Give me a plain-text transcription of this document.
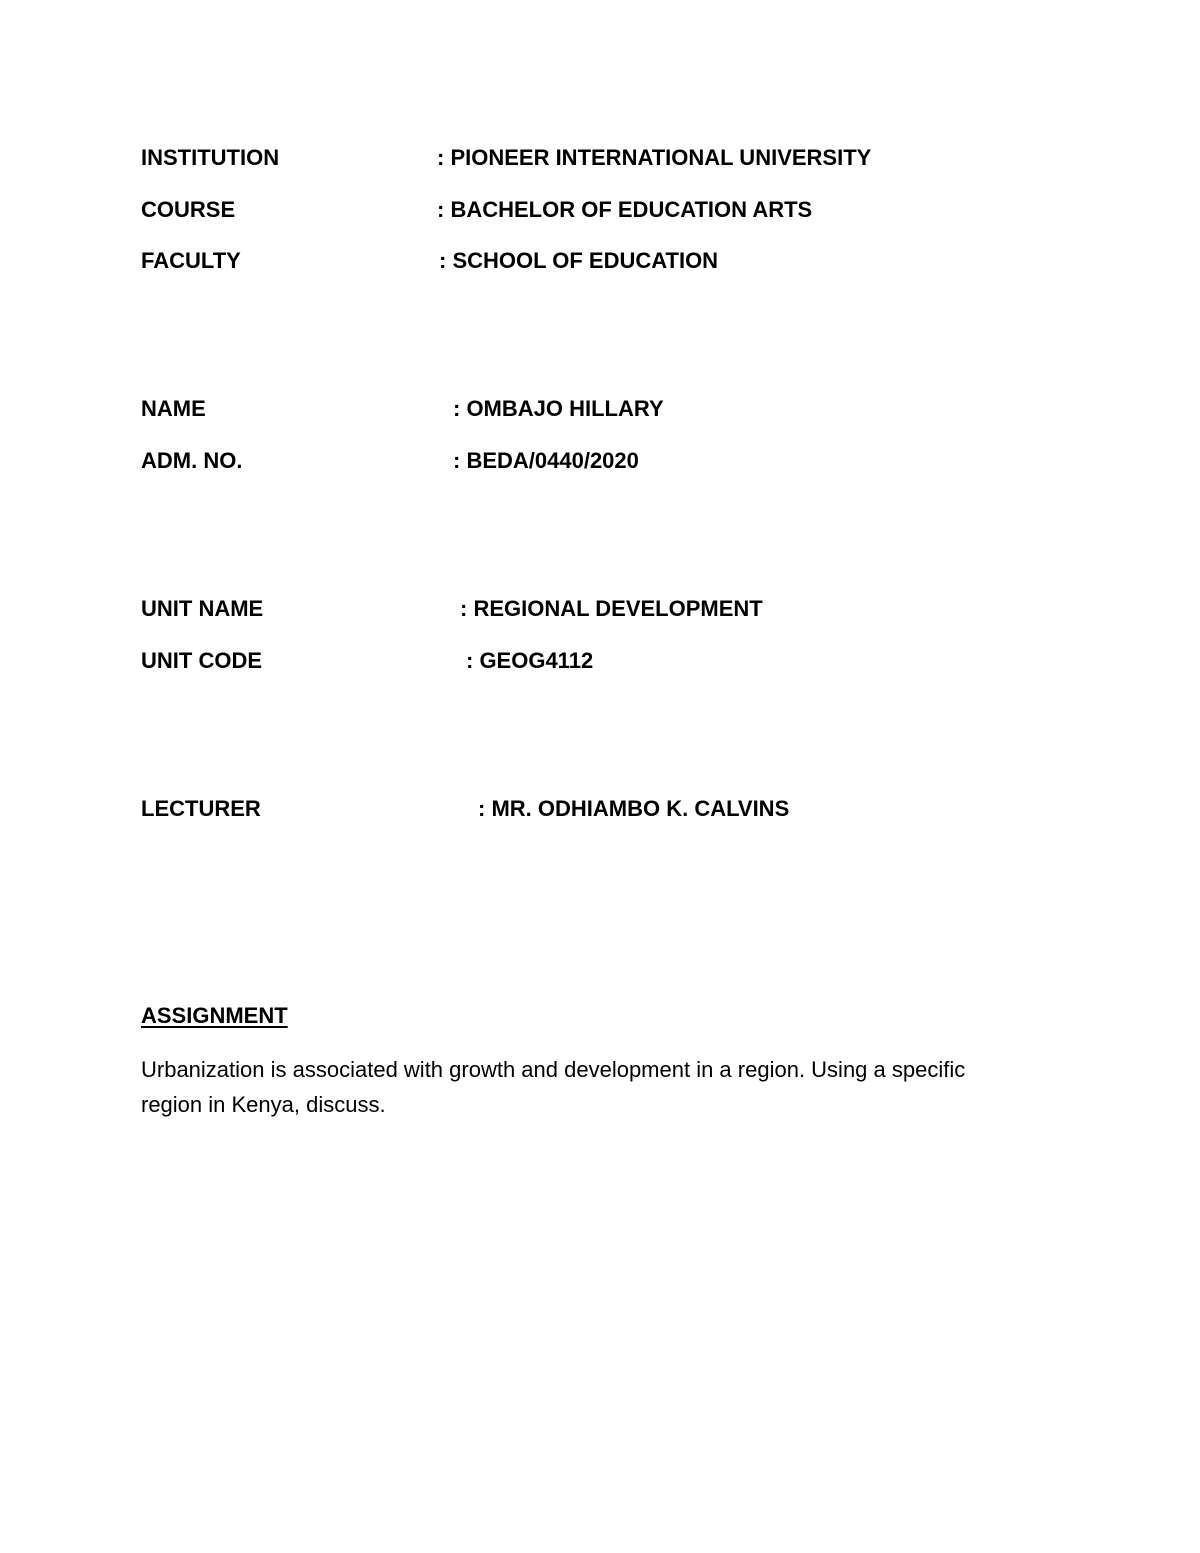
INSTITUTION	: PIONEER INTERNATIONAL UNIVERSITY
COURSE	: BACHELOR OF EDUCATION ARTS
FACULTY	: SCHOOL OF EDUCATION
NAME	: OMBAJO HILLARY
ADM. NO.	: BEDA/0440/2020
UNIT NAME	: REGIONAL DEVELOPMENT
UNIT CODE	: GEOG4112
LECTURER	: MR. ODHIAMBO K. CALVINS
ASSIGNMENT
Urbanization is associated with growth and development in a region. Using a specific region in Kenya, discuss.
